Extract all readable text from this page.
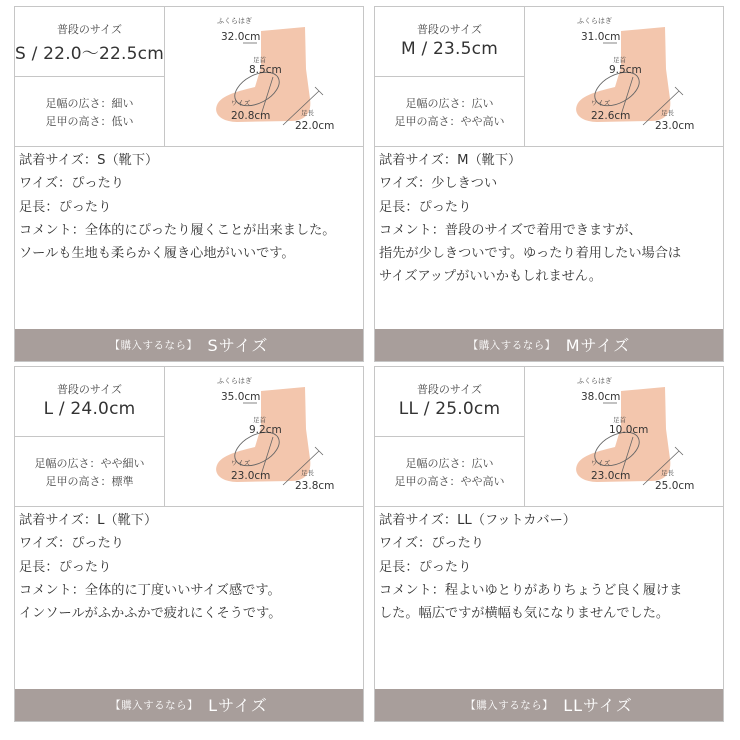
普段のサイズ
S / 22.0〜22.5cm
足幅の広さ：細い
足甲の高さ：低い
ふくらはぎ
32.0cm
足首
8.5cm
ワイズ
20.8cm	足長
22.0cm
試着サイズ：S（靴下）
ワイズ：ぴったり
足長：ぴったり
コメント：全体的にぴったり履くことが出来ました。
ソールも生地も柔らかく履き心地がいいです。
【購入するなら】 Sサイズ
普段のサイズ
M / 23.5cm
足幅の広さ：広い
足甲の高さ：やや高い
ふくらはぎ
31.0cm
足首
9.5cm
ワイズ
22.6cm	足長
23.0cm
試着サイズ：M（靴下）
ワイズ：少しきつい
足長：ぴったり
コメント：普段のサイズで着用できますが、
指先が少しきついです。ゆったり着用したい場合は
サイズアップがいいかもしれません。
【購入するなら】 Mサイズ
普段のサイズ
L / 24.0cm
足幅の広さ：やや細い
足甲の高さ：標準
ふくらはぎ
35.0cm
足首
9.2cm
ワイズ
23.0cm	足長
23.8cm
試着サイズ：L（靴下）
ワイズ：ぴったり
足長：ぴったり
コメント：全体的に丁度いいサイズ感です。
インソールがふかふかで疲れにくそうです。
【購入するなら】 Lサイズ
普段のサイズ
LL / 25.0cm
足幅の広さ：広い
足甲の高さ：やや高い
ふくらはぎ
38.0cm
足首
10.0cm
ワイズ
23.0cm	足長
25.0cm
試着サイズ：LL（フットカバー）
ワイズ：ぴったり
足長：ぴったり
コメント：程よいゆとりがありちょうど良く履けま
した。幅広ですが横幅も気になりませんでした。
【購入するなら】 LLサイズ
